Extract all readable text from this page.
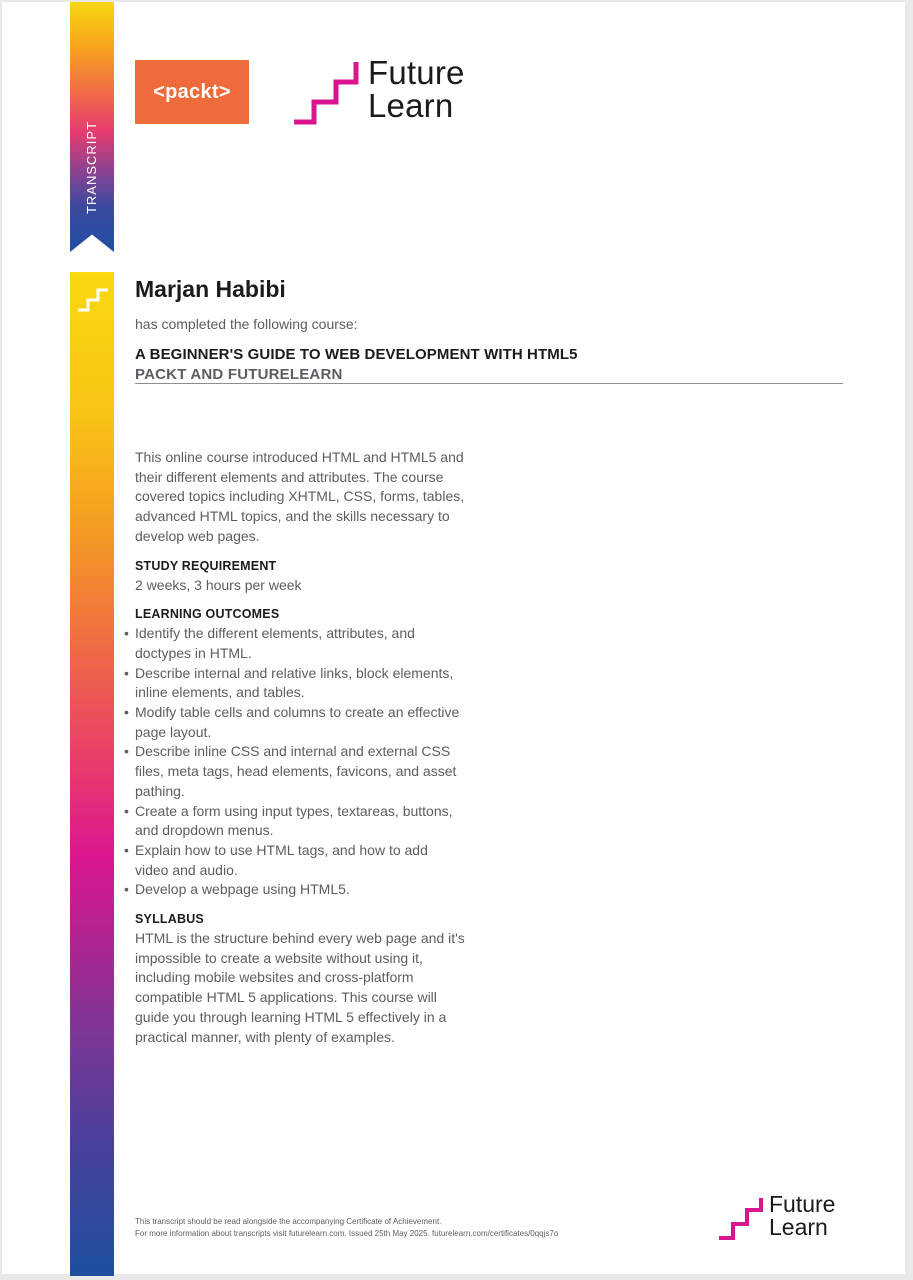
TRANSCRIPT
<packt>
Future
Learn
Marjan Habibi
has completed the following course:
A BEGINNER'S GUIDE TO WEB DEVELOPMENT WITH HTML5
PACKT AND FUTURELEARN

This online course introduced HTML and HTML5 and their different elements and attributes. The course covered topics including XHTML, CSS, forms, tables, advanced HTML topics, and the skills necessary to develop web pages.

STUDY REQUIREMENT

2 weeks, 3 hours per week

LEARNING OUTCOMES
• Identify the different elements, attributes, and doctypes in HTML.
• Describe internal and relative links, block elements, inline elements, and tables.
• Modify table cells and columns to create an effective page layout.
• Describe inline CSS and internal and external CSS files, meta tags, head elements, favicons, and asset pathing.
• Create a form using input types, textareas, buttons, and dropdown menus.
• Explain how to use HTML tags, and how to add video and audio.
• Develop a webpage using HTML5.
SYLLABUS

HTML is the structure behind every web page and it's impossible to create a website without using it, including mobile websites and cross-platform compatible HTML 5 applications. This course will guide you through learning HTML 5 effectively in a practical manner, with plenty of examples.

This transcript should be read alongside the accompanying Certificate of Achievement.
For more information about transcripts visit futurelearn.com. Issued 25th May 2025. futurelearn.com/certificates/0qqjs7o
Future
Learn
